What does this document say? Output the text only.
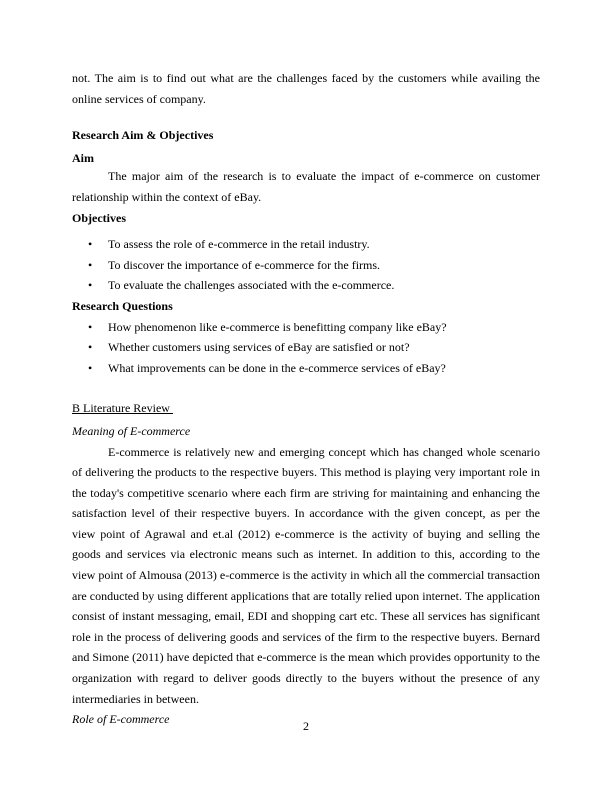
not. The aim is to find out what are the challenges faced by the customers while availing the online services of company.

Research Aim & Objectives

Aim

The major aim of the research is to evaluate the impact of e-commerce on customer relationship within the context of eBay.

Objectives

• To assess the role of e-commerce in the retail industry.
• To discover the importance of e-commerce for the firms.
• To evaluate the challenges associated with the e-commerce.

Research Questions

• How phenomenon like e-commerce is benefitting company like eBay?
• Whether customers using services of eBay are satisfied or not?
• What improvements can be done in the e-commerce services of eBay?

B Literature Review

Meaning of E-commerce

E-commerce is relatively new and emerging concept which has changed whole scenario of delivering the products to the respective buyers. This method is playing very important role in the today's competitive scenario where each firm are striving for maintaining and enhancing the satisfaction level of their respective buyers. In accordance with the given concept, as per the view point of Agrawal and et.al (2012) e-commerce is the activity of buying and selling the goods and services via electronic means such as internet. In addition to this, according to the view point of Almousa (2013) e-commerce is the activity in which all the commercial transaction are conducted by using different applications that are totally relied upon internet. The application consist of instant messaging, email, EDI and shopping cart etc. These all services has significant role in the process of delivering goods and services of the firm to the respective buyers. Bernard and Simone (2011) have depicted that e-commerce is the mean which provides opportunity to the organization with regard to deliver goods directly to the buyers without the presence of any intermediaries in between.

Role of E-commerce	2
